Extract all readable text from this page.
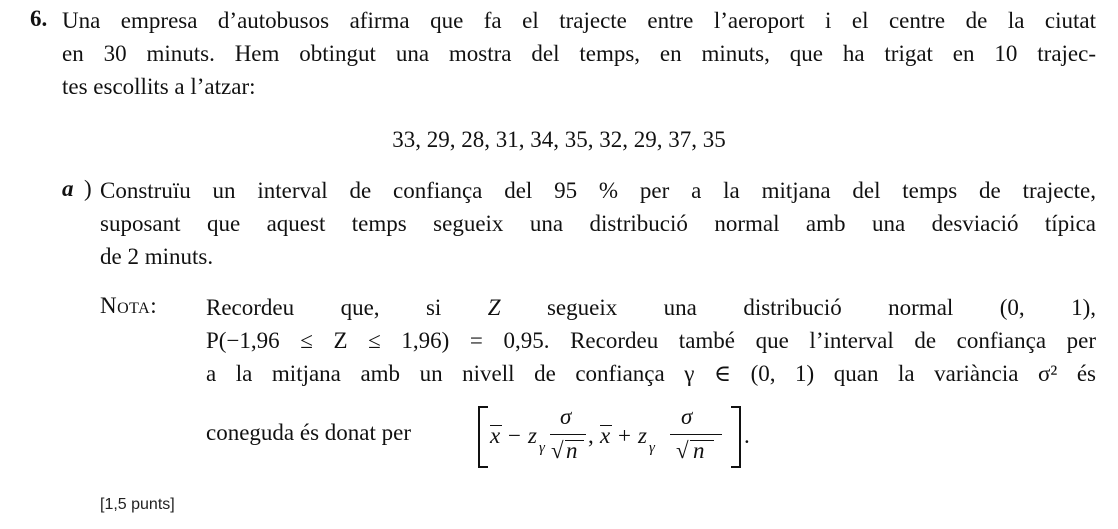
6. Una empresa d’autobusos afirma que fa el trajecte entre l’aeroport i el centre de la ciutat
en 30 minuts. Hem obtingut una mostra del temps, en minuts, que ha trigat en 10 trajec-
tes escollits a l’atzar:
33, 29, 28, 31, 34, 35, 32, 29, 37, 35
a ) Construïu un interval de confiança del 95 % per a la mitjana del temps de trajecte,
suposant que aquest temps segueix una distribució normal amb una desviació típica
de 2 minuts.
Nota: Recordeu que, si Z segueix una distribució normal (0, 1),
P(−1,96 ≤ Z ≤ 1,96) = 0,95. Recordeu també que l’interval de confiança per
a la mitjana amb un nivell de confiança γ ∈ (0, 1) quan la variància σ² és
coneguda és donat per	x − z γ
σ
√ n
, x + z γ
σ
√ n
.
[1,5 punts]
